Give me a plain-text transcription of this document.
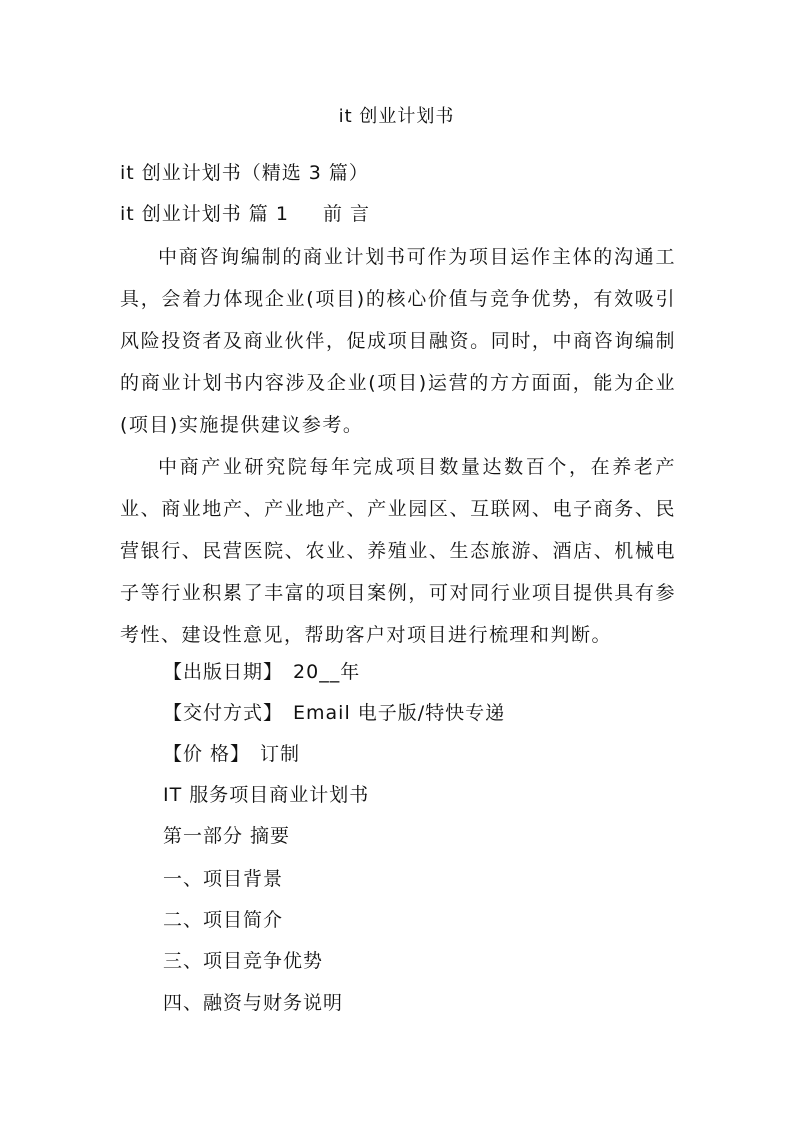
it 创业计划书
it 创业计划书（精选 3 篇）
it 创业计划书 篇 1 前 言
中商咨询编制的商业计划书可作为项目运作主体的沟通工具，会着力体现企业(项目)的核心价值与竞争优势，有效吸引风险投资者及商业伙伴，促成项目融资。同时，中商咨询编制的商业计划书内容涉及企业(项目)运营的方方面面，能为企业(项目)实施提供建议参考。
中商产业研究院每年完成项目数量达数百个，在养老产业、商业地产、产业地产、产业园区、互联网、电子商务、民营银行、民营医院、农业、养殖业、生态旅游、酒店、机械电子等行业积累了丰富的项目案例，可对同行业项目提供具有参考性、建设性意见，帮助客户对项目进行梳理和判断。
【出版日期】 20__年
【交付方式】 Email 电子版/特快专递
【价 格】 订制
IT 服务项目商业计划书
第一部分 摘要
一、项目背景
二、项目简介
三、项目竞争优势
四、融资与财务说明
